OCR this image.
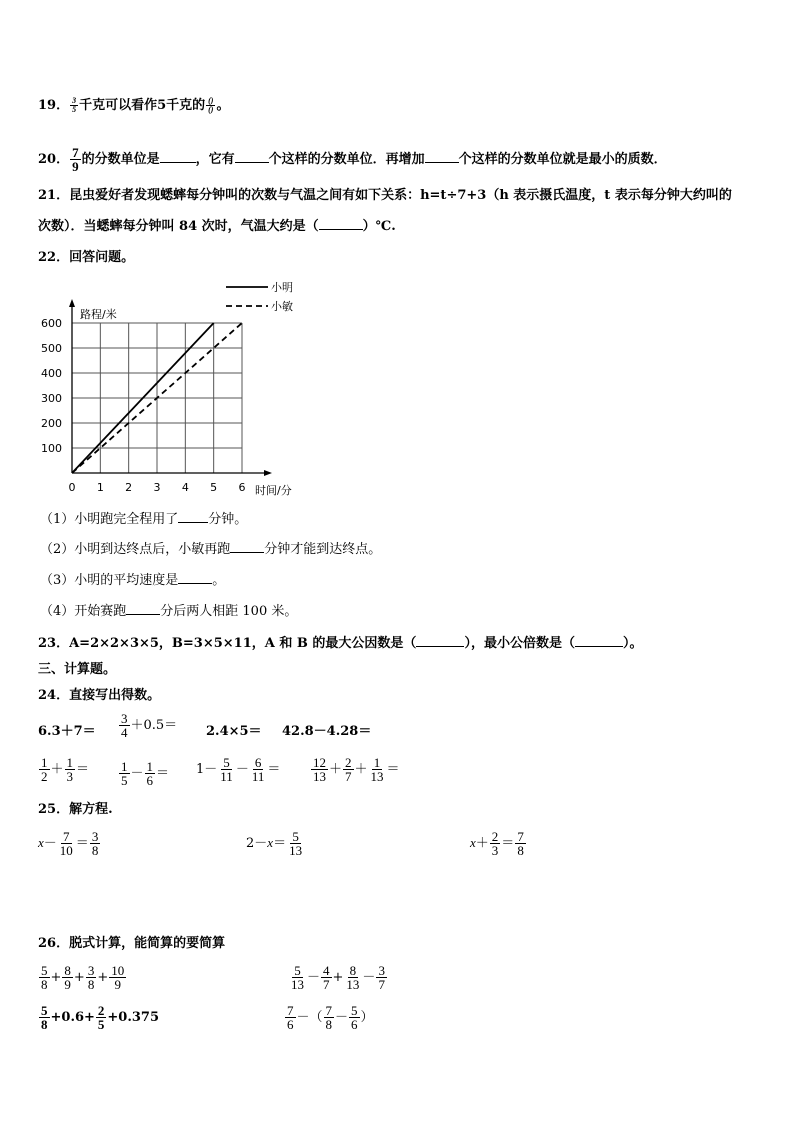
19． $\frac{3}{5}$ 千克可以看作5千克的 $\frac{()}{()}$ 。
20． $\frac{7}{9}$ 的分数单位是	，它有	个这样的分数单位．再增加	个这样的分数单位就是最小的质数．
21．昆虫爱好者发现蟋蟀每分钟叫的次数与气温之间有如下关系：h=t÷7+3（h 表示摄氏温度，t 表示每分钟大约叫的
次数）．当蟋蟀每分钟叫 84 次时，气温大约是（	）℃.
22．回答问题。
0 1 2 3 4 5 6
100
200
300
400
500
600
小明
小敏
路程/米
时间/分
（1）小明跑完全程用了 分钟。
（2）小明到达终点后，小敏再跑	分钟才能到达终点。
（3）小明的平均速度是	。
（4）开始赛跑	分后两人相距 100 米。
23．A=2×2×3×5，B=3×5×11，A 和 B 的最大公因数是（	），最小公倍数是（	）。
三、计算题。
24．直接写出得数。
$6.3+7= \frac{3}{4} +0.5= 2.4\times 5= 42.8-4.28=$
$\frac{1}{2} + \frac{1}{3} = \frac{1}{5} - \frac{1}{6} = 1- \frac{5}{11} - \frac{6}{11} = \frac{12}{13} + \frac{2}{7} + \frac{1}{13}$ ＝
25．解方程.
$x- \frac{7}{10} = \frac{3}{8}$	$2-x= \frac{5}{13}$	$x+ \frac{2}{3} = \frac{7}{8}$
26．脱式计算，能简算的要简算
$\frac{5}{8} + \frac{8}{9} + \frac{3}{8} + \frac{10}{9}$	$\frac{5}{13} - \frac{4}{7} + \frac{8}{13} - \frac{3}{7}$
$\frac{5}{8} +0.6+ \frac{2}{5} +0.375$	$\frac{7}{6}$ －（ $\frac{7}{8} - \frac{5}{6}$ ）
